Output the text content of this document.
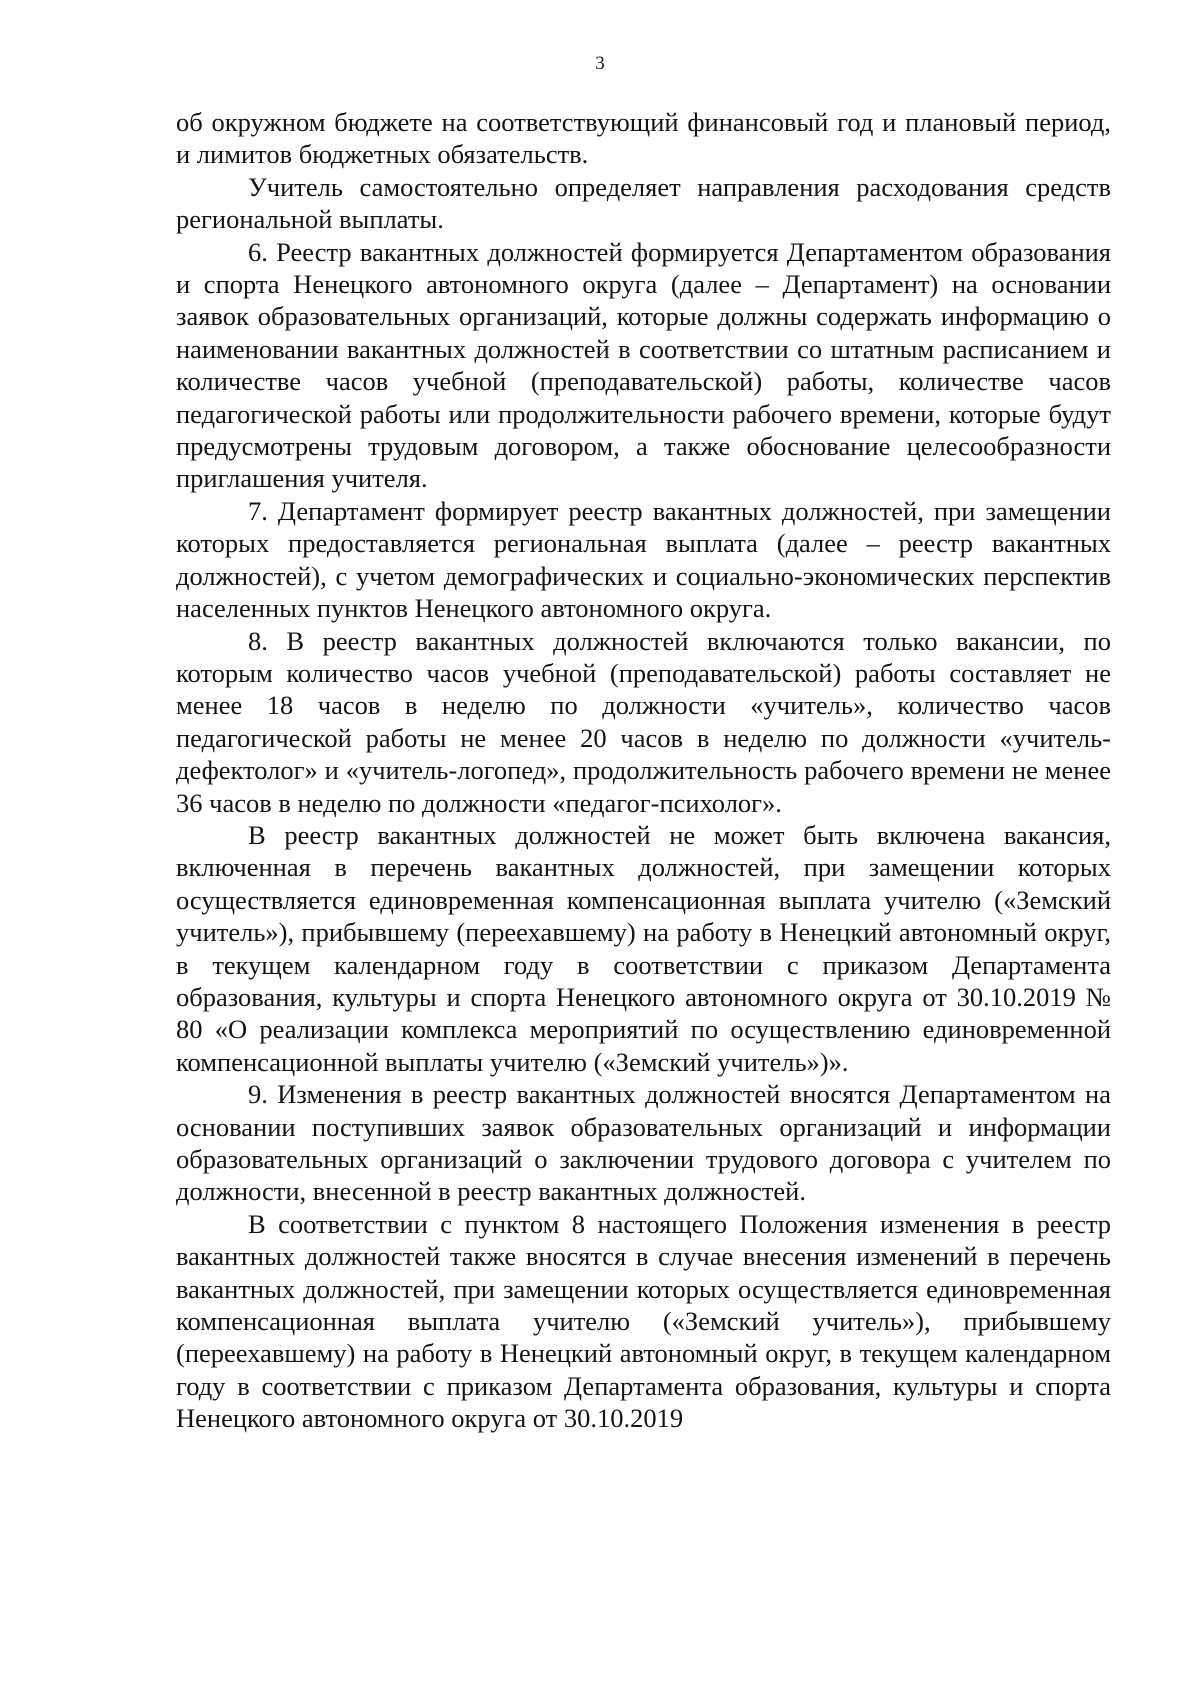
3

об окружном бюджете на соответствующий финансовый год и плановый период, и лимитов бюджетных обязательств.

Учитель самостоятельно определяет направления расходования средств региональной выплаты.

6. Реестр вакантных должностей формируется Департаментом образования и спорта Ненецкого автономного округа (далее – Департамент) на основании заявок образовательных организаций, которые должны содержать информацию о наименовании вакантных должностей в соответствии со штатным расписанием и количестве часов учебной (преподавательской) работы, количестве часов педагогической работы или продолжительности рабочего времени, которые будут предусмотрены трудовым договором, а также обоснование целесообразности приглашения учителя.

7. Департамент формирует реестр вакантных должностей, при замещении которых предоставляется региональная выплата (далее – реестр вакантных должностей), с учетом демографических и социально-экономических перспектив населенных пунктов Ненецкого автономного округа.

8. В реестр вакантных должностей включаются только вакансии, по которым количество часов учебной (преподавательской) работы составляет не менее 18 часов в неделю по должности «учитель», количество часов педагогической работы не менее 20 часов в неделю по должности «учитель-дефектолог» и «учитель-логопед», продолжительность рабочего времени не менее 36 часов в неделю по должности «педагог-психолог».

В реестр вакантных должностей не может быть включена вакансия, включенная в перечень вакантных должностей, при замещении которых осуществляется единовременная компенсационная выплата учителю («Земский учитель»), прибывшему (переехавшему) на работу в Ненецкий автономный округ, в текущем календарном году в соответствии с приказом Департамента образования, культуры и спорта Ненецкого автономного округа от 30.10.2019 № 80 «О реализации комплекса мероприятий по осуществлению единовременной компенсационной выплаты учителю («Земский учитель»)».

9. Изменения в реестр вакантных должностей вносятся Департаментом на основании поступивших заявок образовательных организаций и информации образовательных организаций о заключении трудового договора с учителем по должности, внесенной в реестр вакантных должностей.

В соответствии с пунктом 8 настоящего Положения изменения в реестр вакантных должностей также вносятся в случае внесения изменений в перечень вакантных должностей, при замещении которых осуществляется единовременная компенсационная выплата учителю («Земский учитель»), прибывшему (переехавшему) на работу в Ненецкий автономный округ, в текущем календарном году в соответствии с приказом Департамента образования, культуры и спорта Ненецкого автономного округа от 30.10.2019
